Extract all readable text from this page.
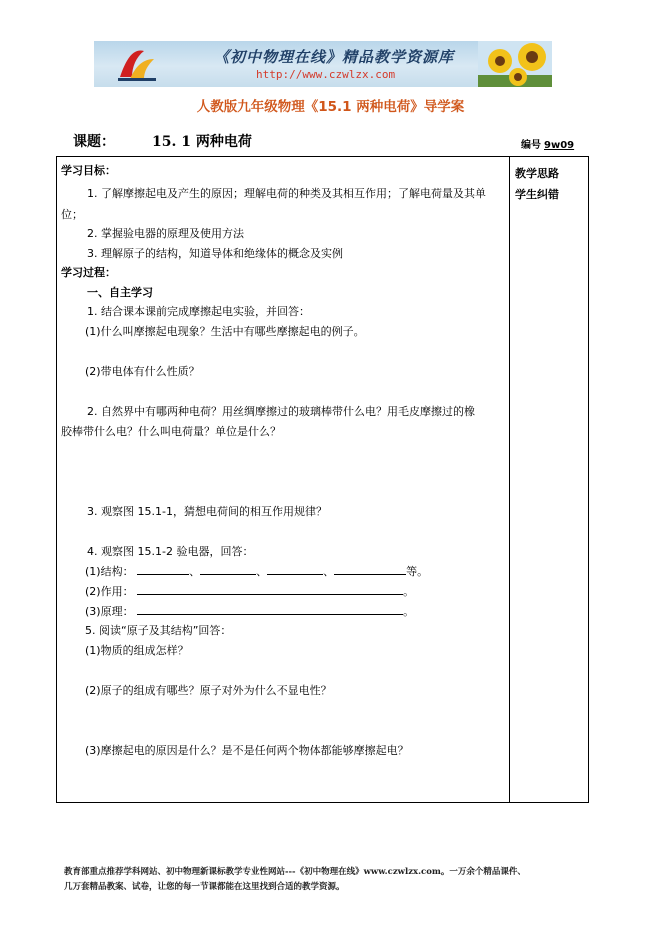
《初中物理在线》精品教学资源库
http://www.czwlzx.com
人教版九年级物理《15.1 两种电荷》导学案
课题：	15. 1 两种电荷	编号 9w09
教学思路
学生纠错
学习目标：
1. 了解摩擦起电及产生的原因；理解电荷的种类及其相互作用；了解电荷量及其单
位；
2. 掌握验电器的原理及使用方法
3. 理解原子的结构，知道导体和绝缘体的概念及实例
学习过程：
一、自主学习
1. 结合课本课前完成摩擦起电实验，并回答：
(1)什么叫摩擦起电现象？生活中有哪些摩擦起电的例子。
(2)带电体有什么性质？
2. 自然界中有哪两种电荷？用丝绸摩擦过的玻璃棒带什么电？用毛皮摩擦过的橡
胶棒带什么电？什么叫电荷量？单位是什么？
3. 观察图 15.1-1，猜想电荷间的相互作用规律？
4. 观察图 15.1-2 验电器，回答：
(1)结构：	、	、	、	等。
(2)作用：	。
(3)原理：	。
5. 阅读“原子及其结构”回答：
(1)物质的组成怎样？
(2)原子的组成有哪些？原子对外为什么不显电性？
(3)摩擦起电的原因是什么？是不是任何两个物体都能够摩擦起电？
教育部重点推荐学科网站、初中物理新课标教学专业性网站---《初中物理在线》www.czwlzx.com。一万余个精品课件、
几万套精品教案、试卷，让您的每一节课都能在这里找到合适的教学资源。
